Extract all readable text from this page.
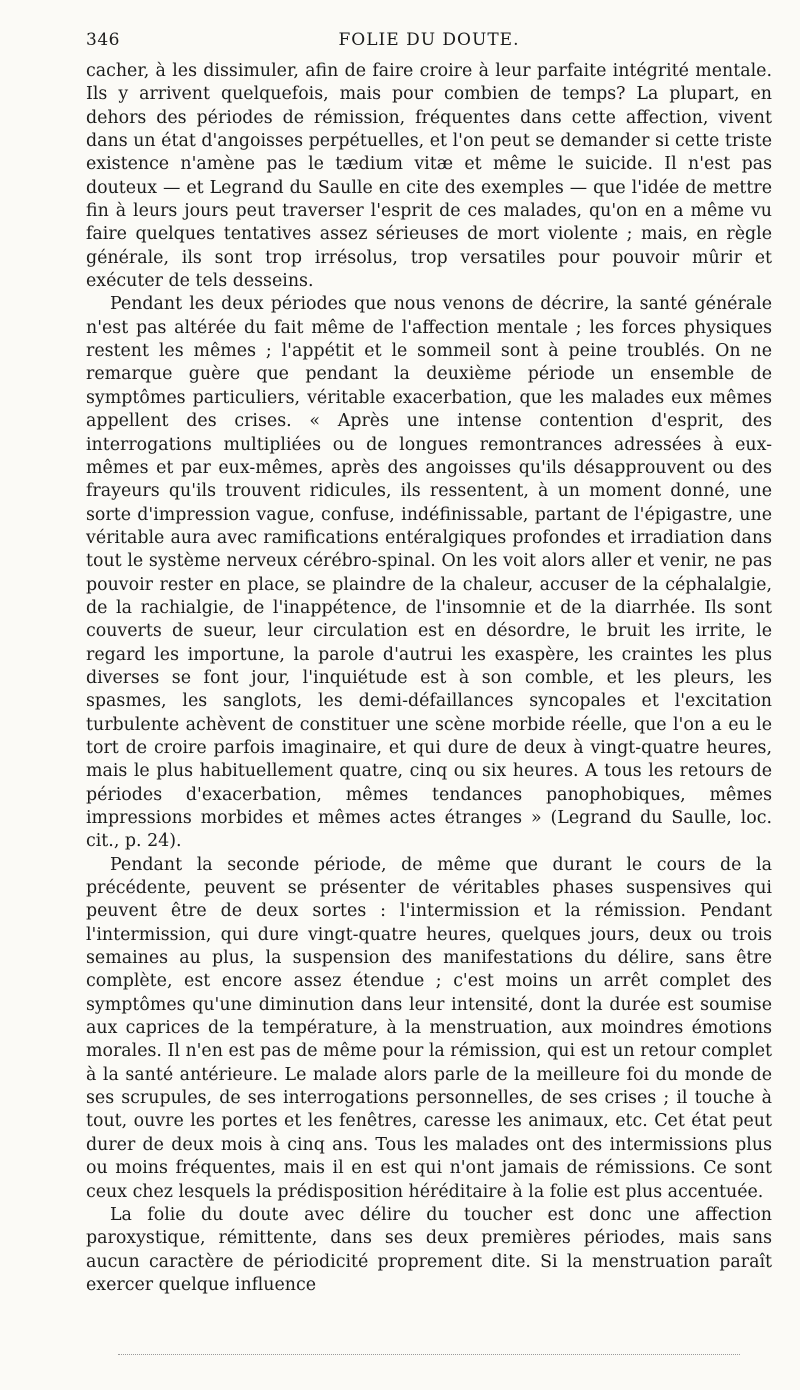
346	FOLIE DU DOUTE.

cacher, à les dissimuler, afin de faire croire à leur parfaite intégrité mentale. Ils y arrivent quelquefois, mais pour combien de temps? La plupart, en dehors des périodes de rémission, fréquentes dans cette affection, vivent dans un état d'angoisses perpétuelles, et l'on peut se demander si cette triste existence n'amène pas le tædium vitæ et même le suicide. Il n'est pas douteux — et Legrand du Saulle en cite des exemples — que l'idée de mettre fin à leurs jours peut traverser l'esprit de ces malades, qu'on en a même vu faire quelques tentatives assez sérieuses de mort violente ; mais, en règle générale, ils sont trop irrésolus, trop versatiles pour pouvoir mûrir et exécuter de tels desseins.

Pendant les deux périodes que nous venons de décrire, la santé générale n'est pas altérée du fait même de l'affection mentale ; les forces physiques restent les mêmes ; l'appétit et le sommeil sont à peine troublés. On ne remarque guère que pendant la deuxième période un ensemble de symptômes particuliers, véritable exacerbation, que les malades eux mêmes appellent des crises. « Après une intense contention d'esprit, des interrogations multipliées ou de longues remontrances adressées à eux-mêmes et par eux-mêmes, après des angoisses qu'ils désapprouvent ou des frayeurs qu'ils trouvent ridicules, ils ressentent, à un moment donné, une sorte d'impression vague, confuse, indéfinissable, partant de l'épigastre, une véritable aura avec ramifications entéralgiques profondes et irradiation dans tout le système nerveux cérébro-spinal. On les voit alors aller et venir, ne pas pouvoir rester en place, se plaindre de la chaleur, accuser de la céphalalgie, de la rachialgie, de l'inappétence, de l'insomnie et de la diarrhée. Ils sont couverts de sueur, leur circulation est en désordre, le bruit les irrite, le regard les importune, la parole d'autrui les exaspère, les craintes les plus diverses se font jour, l'inquiétude est à son comble, et les pleurs, les spasmes, les sanglots, les demi-défaillances syncopales et l'excitation turbulente achèvent de constituer une scène morbide réelle, que l'on a eu le tort de croire parfois imaginaire, et qui dure de deux à vingt-quatre heures, mais le plus habituellement quatre, cinq ou six heures. A tous les retours de périodes d'exacerbation, mêmes tendances panophobiques, mêmes impressions morbides et mêmes actes étranges » (Legrand du Saulle, loc. cit., p. 24).

Pendant la seconde période, de même que durant le cours de la précédente, peuvent se présenter de véritables phases suspensives qui peuvent être de deux sortes : l'intermission et la rémission. Pendant l'intermission, qui dure vingt-quatre heures, quelques jours, deux ou trois semaines au plus, la suspension des manifestations du délire, sans être complète, est encore assez étendue ; c'est moins un arrêt complet des symptômes qu'une diminution dans leur intensité, dont la durée est soumise aux caprices de la température, à la menstruation, aux moindres émotions morales. Il n'en est pas de même pour la rémission, qui est un retour complet à la santé antérieure. Le malade alors parle de la meilleure foi du monde de ses scrupules, de ses interrogations personnelles, de ses crises ; il touche à tout, ouvre les portes et les fenêtres, caresse les animaux, etc. Cet état peut durer de deux mois à cinq ans. Tous les malades ont des intermissions plus ou moins fréquentes, mais il en est qui n'ont jamais de rémissions. Ce sont ceux chez lesquels la prédisposition héréditaire à la folie est plus accentuée.

La folie du doute avec délire du toucher est donc une affection paroxystique, rémittente, dans ses deux premières périodes, mais sans aucun caractère de périodicité proprement dite. Si la menstruation paraît exercer quelque influence
